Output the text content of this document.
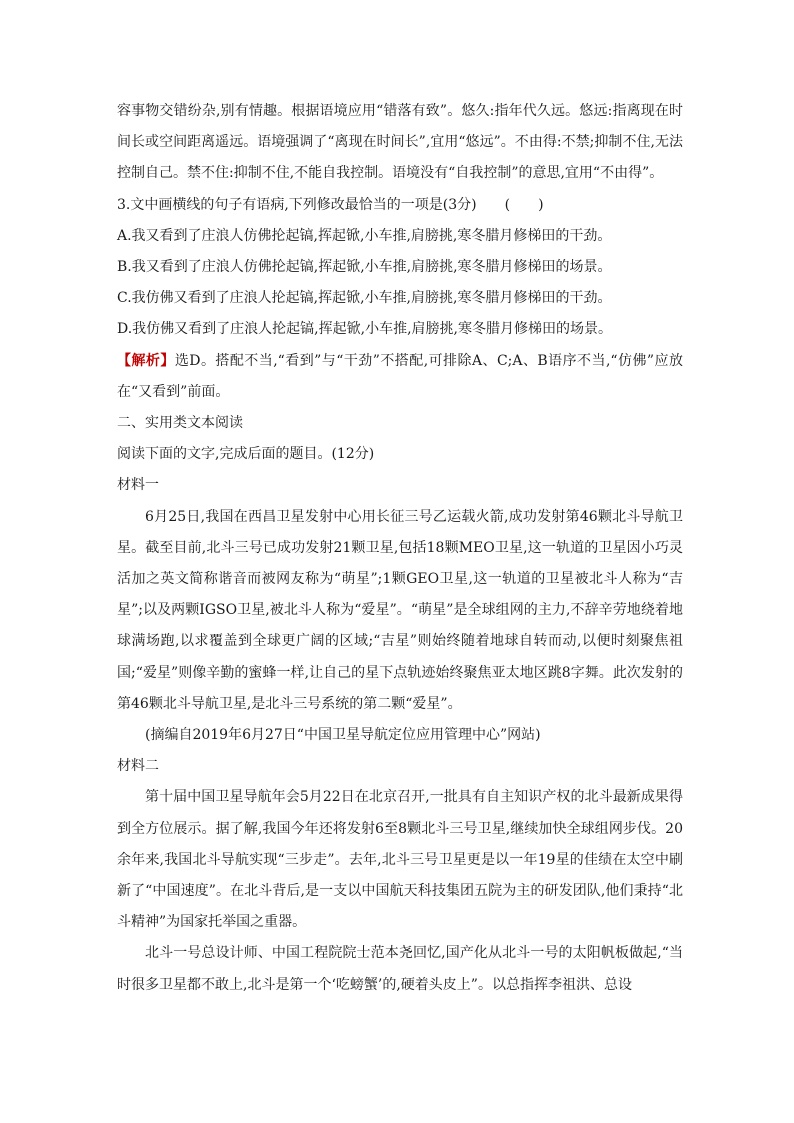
容事物交错纷杂,别有情趣。根据语境应用“错落有致”。悠久:指年代久远。悠远:指离现在时间长或空间距离遥远。语境强调了“离现在时间长”,宜用“悠远”。不由得:不禁;抑制不住,无法控制自己。禁不住:抑制不住,不能自我控制。语境没有“自我控制”的意思,宜用“不由得”。

3.文中画横线的句子有语病,下列修改最恰当的一项是(3分)　　(　　)

A.我又看到了庄浪人仿佛抡起镐,挥起锨,小车推,肩膀挑,寒冬腊月修梯田的干劲。

B.我又看到了庄浪人仿佛抡起镐,挥起锨,小车推,肩膀挑,寒冬腊月修梯田的场景。

C.我仿佛又看到了庄浪人抡起镐,挥起锨,小车推,肩膀挑,寒冬腊月修梯田的干劲。

D.我仿佛又看到了庄浪人抡起镐,挥起锨,小车推,肩膀挑,寒冬腊月修梯田的场景。

【解析】选D。搭配不当,“看到”与“干劲”不搭配,可排除A、C;A、B语序不当,“仿佛”应放在“又看到”前面。

二、实用类文本阅读

阅读下面的文字,完成后面的题目。(12分)

材料一

6月25日,我国在西昌卫星发射中心用长征三号乙运载火箭,成功发射第46颗北斗导航卫星。截至目前,北斗三号已成功发射21颗卫星,包括18颗MEO卫星,这一轨道的卫星因小巧灵活加之英文简称谐音而被网友称为“萌星”;1颗GEO卫星,这一轨道的卫星被北斗人称为“吉星”;以及两颗IGSO卫星,被北斗人称为“爱星”。“萌星”是全球组网的主力,不辞辛劳地绕着地球满场跑,以求覆盖到全球更广阔的区域;“吉星”则始终随着地球自转而动,以便时刻聚焦祖国;“爱星”则像辛勤的蜜蜂一样,让自己的星下点轨迹始终聚焦亚太地区跳8字舞。此次发射的第46颗北斗导航卫星,是北斗三号系统的第二颗“爱星”。

(摘编自2019年6月27日“中国卫星导航定位应用管理中心”网站)

材料二

第十届中国卫星导航年会5月22日在北京召开,一批具有自主知识产权的北斗最新成果得到全方位展示。据了解,我国今年还将发射6至8颗北斗三号卫星,继续加快全球组网步伐。20余年来,我国北斗导航实现“三步走”。去年,北斗三号卫星更是以一年19星的佳绩在太空中刷新了“中国速度”。在北斗背后,是一支以中国航天科技集团五院为主的研发团队,他们秉持“北斗精神”为国家托举国之重器。

北斗一号总设计师、中国工程院院士范本尧回忆,国产化从北斗一号的太阳帆板做起,“当时很多卫星都不敢上,北斗是第一个‘吃螃蟹’的,硬着头皮上”。以总指挥李祖洪、总设
